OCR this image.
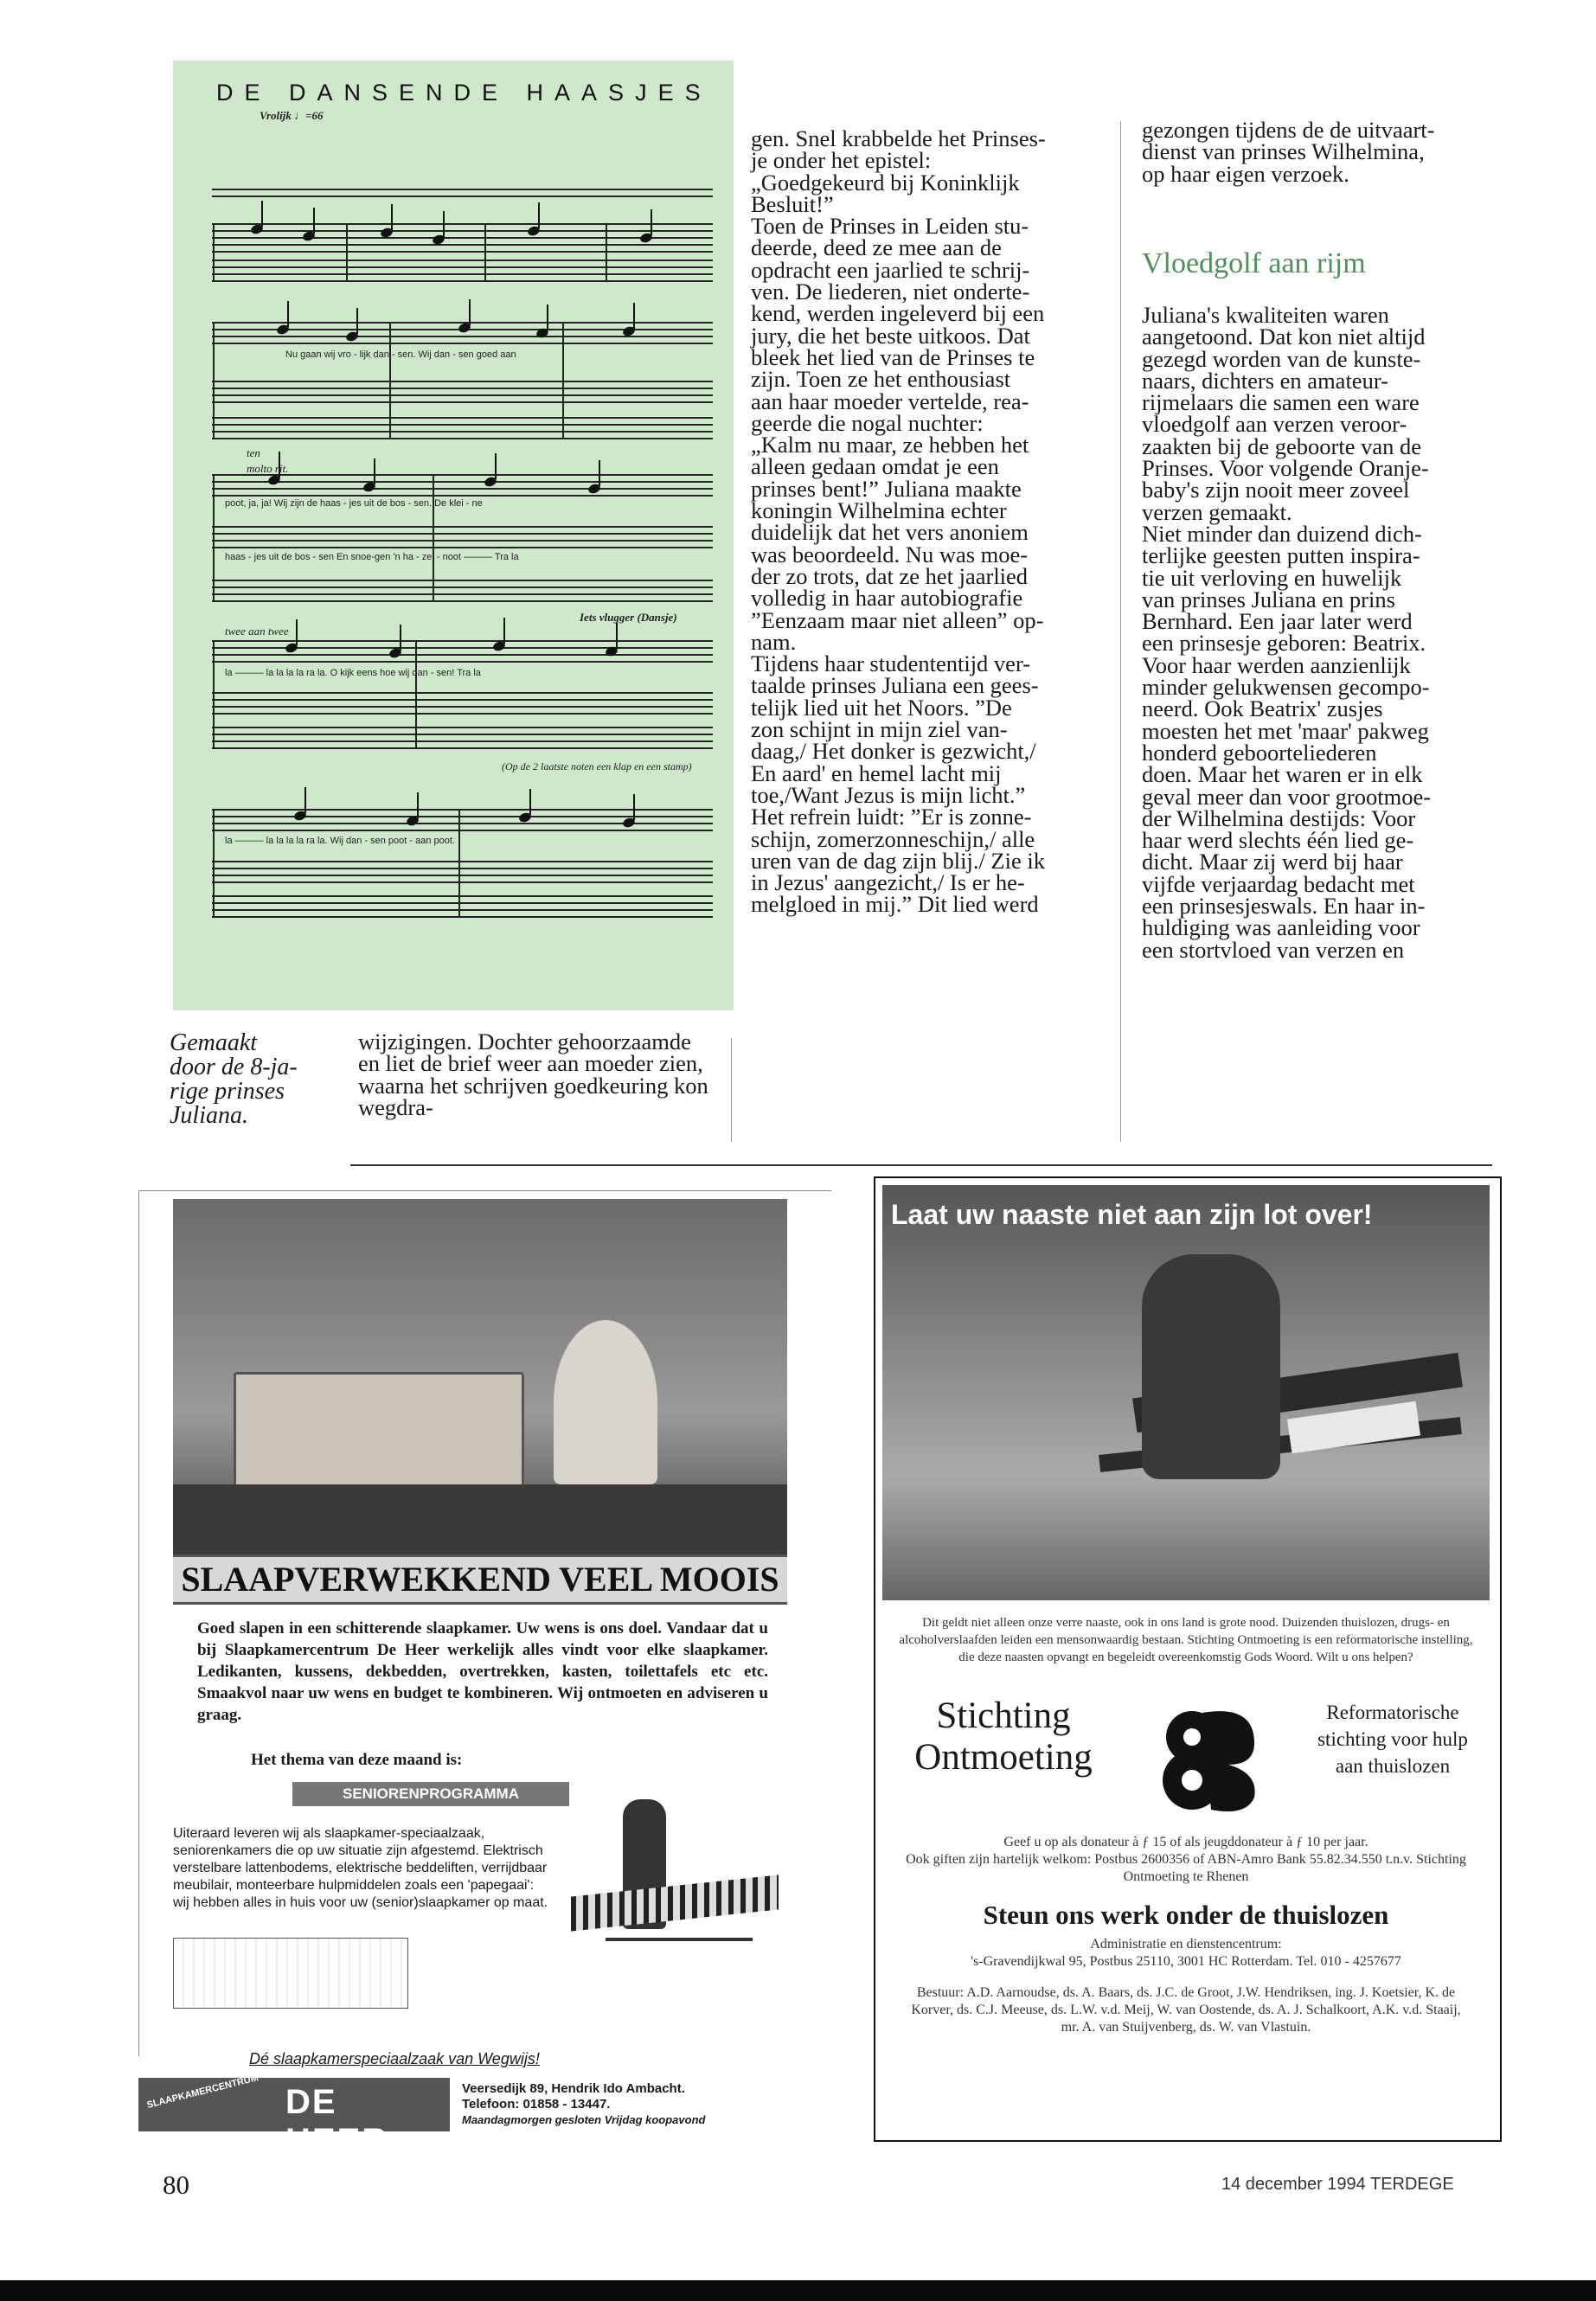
Nu gaan wij vro - lijk dan - sen. Wij dan - sen goed aan
poot, ja, ja! Wij zijn de haas - jes uit de bos - sen. De klei - ne
haas - jes uit de bos - sen En snoe-gen 'n ha - zel - noot ——— Tra la
la ——— la la la la ra la. O kijk eens hoe wij dan - sen! Tra la
la ——— la la la la ra la. Wij dan - sen poot - aan poot.
ten
molto rit.
Iets vlugger (Dansje)
twee aan twee
(Op de 2 laatste noten een klap en een stamp)
DE DANSENDE HAASJES
Vrolijk ♩=66
Gemaakt
door de 8-ja-
rige prinses
Juliana.
wijzigingen. Dochter gehoorzaamde en liet de brief weer aan moeder zien, waarna het schrijven goedkeuring kon wegdra-
gen. Snel krabbelde het Prinses-
je onder het epistel:
„Goedgekeurd bij Koninklijk
Besluit!”
Toen de Prinses in Leiden stu-
deerde, deed ze mee aan de
opdracht een jaarlied te schrij-
ven. De liederen, niet onderte-
kend, werden ingeleverd bij een
jury, die het beste uitkoos. Dat
bleek het lied van de Prinses te
zijn. Toen ze het enthousiast
aan haar moeder vertelde, rea-
geerde die nogal nuchter:
„Kalm nu maar, ze hebben het
alleen gedaan omdat je een
prinses bent!” Juliana maakte
koningin Wilhelmina echter
duidelijk dat het vers anoniem
was beoordeeld. Nu was moe-
der zo trots, dat ze het jaarlied
volledig in haar autobiografie
”Eenzaam maar niet alleen” op-
nam.
Tijdens haar studententijd ver-
taalde prinses Juliana een gees-
telijk lied uit het Noors. ”De
zon schijnt in mijn ziel van-
daag,/ Het donker is gezwicht,/
En aard' en hemel lacht mij
toe,/Want Jezus is mijn licht.”
Het refrein luidt: ”Er is zonne-
schijn, zomerzonneschijn,/ alle
uren van de dag zijn blij./ Zie ik
in Jezus' aangezicht,/ Is er he-
melgloed in mij.” Dit lied werd
gezongen tijdens de de uitvaart-
dienst van prinses Wilhelmina,
op haar eigen verzoek.
Vloedgolf aan rijm
Juliana's kwaliteiten waren
aangetoond. Dat kon niet altijd
gezegd worden van de kunste-
naars, dichters en amateur-
rijmelaars die samen een ware
vloedgolf aan verzen veroor-
zaakten bij de geboorte van de
Prinses. Voor volgende Oranje-
baby's zijn nooit meer zoveel
verzen gemaakt.
Niet minder dan duizend dich-
terlijke geesten putten inspira-
tie uit verloving en huwelijk
van prinses Juliana en prins
Bernhard. Een jaar later werd
een prinsesje geboren: Beatrix.
Voor haar werden aanzienlijk
minder gelukwensen gecompo-
neerd. Ook Beatrix' zusjes
moesten het met 'maar' pakweg
honderd geboorteliederen
doen. Maar het waren er in elk
geval meer dan voor grootmoe-
der Wilhelmina destijds: Voor
haar werd slechts één lied ge-
dicht. Maar zij werd bij haar
vijfde verjaardag bedacht met
een prinsesjeswals. En haar in-
huldiging was aanleiding voor
een stortvloed van verzen en
SLAAPVERWEKKEND VEEL MOOIS
Goed slapen in een schitterende slaapkamer. Uw wens is ons doel. Vandaar dat u bij Slaapkamercentrum De Heer werkelijk alles vindt voor elke slaapkamer. Ledikanten, kussens, dekbedden, overtrekken, kasten, toilettafels etc etc. Smaakvol naar uw wens en budget te kombineren. Wij ontmoeten en adviseren u graag.
Het thema van deze maand is:
SENIORENPROGRAMMA
Uiteraard leveren wij als slaapkamer-speciaalzaak, seniorenkamers die op uw situatie zijn afgestemd. Elektrisch verstelbare lattenbodems, elektrische beddeliften, verrijdbaar meubilair, monteerbare hulpmiddelen zoals een 'papegaai': wij hebben alles in huis voor uw (senior)slaapkamer op maat.
Dé slaapkamerspeciaalzaak van Wegwijs!
SLAAPKAMERCENTRUM DE HEER
Veersedijk 89, Hendrik Ido Ambacht.
Telefoon: 01858 - 13447.
Maandagmorgen gesloten Vrijdag koopavond
Laat uw naaste niet aan zijn lot over!
Dit geldt niet alleen onze verre naaste, ook in ons land is grote nood. Duizenden thuislozen, drugs- en alcoholverslaafden leiden een mensonwaardig bestaan. Stichting Ontmoeting is een reformatorische instelling, die deze naasten opvangt en begeleidt overeenkomstig Gods Woord. Wilt u ons helpen?
Stichting
Ontmoeting
Reformatorische stichting voor hulp aan thuislozen
Geef u op als donateur à ƒ 15 of als jeugddonateur à ƒ 10 per jaar.
Ook giften zijn hartelijk welkom: Postbus 2600356 of ABN-Amro Bank 55.82.34.550 t.n.v. Stichting Ontmoeting te Rhenen
Steun ons werk onder de thuislozen
Administratie en dienstencentrum:
's-Gravendijkwal 95, Postbus 25110, 3001 HC Rotterdam. Tel. 010 - 4257677
Bestuur: A.D. Aarnoudse, ds. A. Baars, ds. J.C. de Groot, J.W. Hendriksen, ing. J. Koetsier, K. de Korver, ds. C.J. Meeuse, ds. L.W. v.d. Meij, W. van Oostende, ds. A. J. Schalkoort, A.K. v.d. Staaij, mr. A. van Stuijvenberg, ds. W. van Vlastuin.
80	14 december 1994 TERDEGE
